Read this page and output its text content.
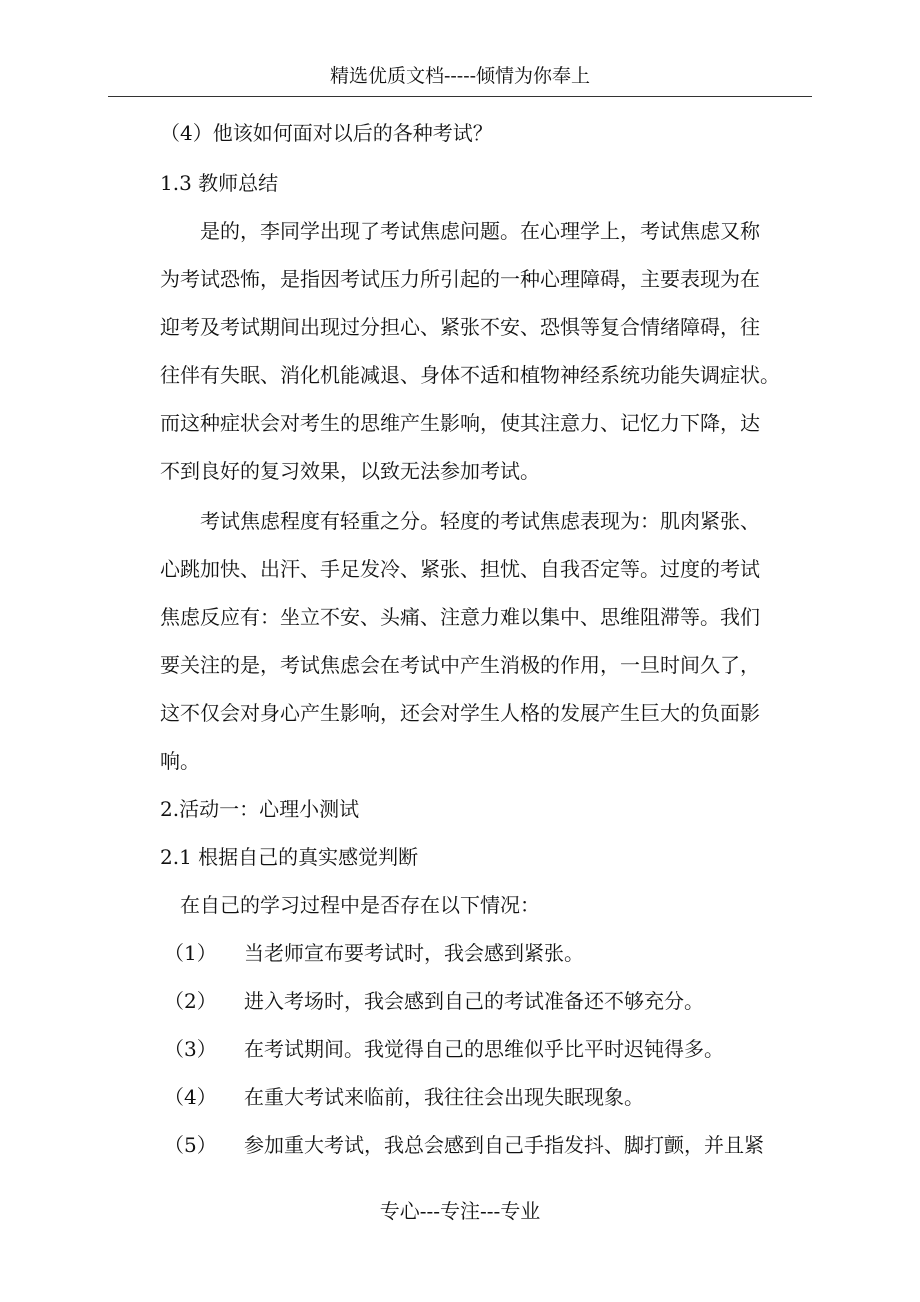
精选优质文档-----倾情为你奉上
（4）他该如何面对以后的各种考试？
1.3 教师总结
是的，李同学出现了考试焦虑问题。在心理学上，考试焦虑又称
为考试恐怖，是指因考试压力所引起的一种心理障碍，主要表现为在
迎考及考试期间出现过分担心、紧张不安、恐惧等复合情绪障碍，往
往伴有失眠、消化机能减退、身体不适和植物神经系统功能失调症状。
而这种症状会对考生的思维产生影响，使其注意力、记忆力下降，达
不到良好的复习效果，以致无法参加考试。
考试焦虑程度有轻重之分。轻度的考试焦虑表现为：肌肉紧张、
心跳加快、出汗、手足发冷、紧张、担忧、自我否定等。过度的考试
焦虑反应有：坐立不安、头痛、注意力难以集中、思维阻滞等。我们
要关注的是，考试焦虑会在考试中产生消极的作用，一旦时间久了，
这不仅会对身心产生影响，还会对学生人格的发展产生巨大的负面影
响。
2.活动一：心理小测试
2.1 根据自己的真实感觉判断
在自己的学习过程中是否存在以下情况：
（1） 当老师宣布要考试时，我会感到紧张。
（2） 进入考场时，我会感到自己的考试准备还不够充分。
（3） 在考试期间。我觉得自己的思维似乎比平时迟钝得多。
（4） 在重大考试来临前，我往往会出现失眠现象。
（5） 参加重大考试，我总会感到自己手指发抖、脚打颤，并且紧
专心---专注---专业
